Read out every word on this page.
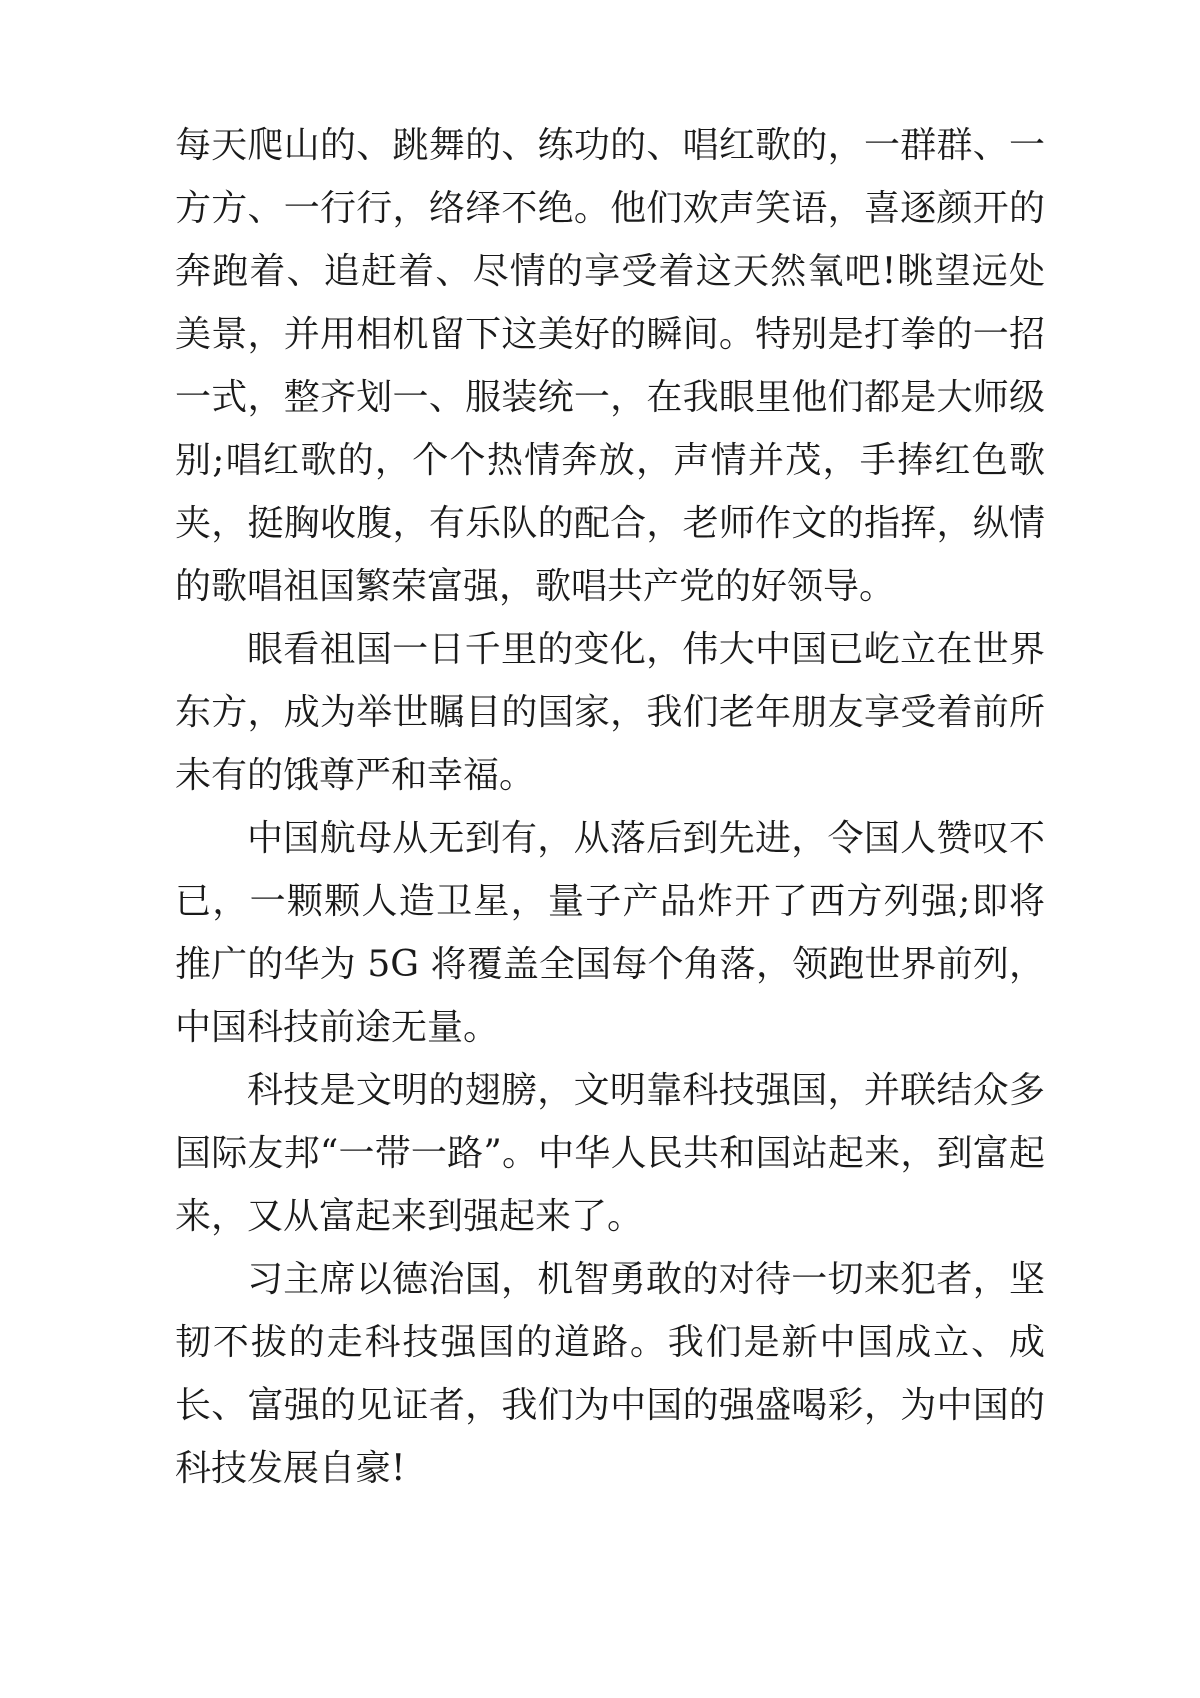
每天爬山的、跳舞的、练功的、唱红歌的，一群群、一方方、一行行，络绎不绝。他们欢声笑语，喜逐颜开的奔跑着、追赶着、尽情的享受着这天然氧吧!眺望远处美景，并用相机留下这美好的瞬间。特别是打拳的一招一式，整齐划一、服装统一，在我眼里他们都是大师级别;唱红歌的，个个热情奔放，声情并茂，手捧红色歌夹，挺胸收腹，有乐队的配合，老师作文的指挥，纵情的歌唱祖国繁荣富强，歌唱共产党的好领导。

眼看祖国一日千里的变化，伟大中国已屹立在世界东方，成为举世瞩目的国家，我们老年朋友享受着前所未有的饿尊严和幸福。

中国航母从无到有，从落后到先进，令国人赞叹不已，一颗颗人造卫星，量子产品炸开了西方列强;即将推广的华为 5G 将覆盖全国每个角落，领跑世界前列，中国科技前途无量。

科技是文明的翅膀，文明靠科技强国，并联结众多国际友邦“一带一路”。中华人民共和国站起来，到富起来，又从富起来到强起来了。

习主席以德治国，机智勇敢的对待一切来犯者，坚韧不拔的走科技强国的道路。我们是新中国成立、成长、富强的见证者，我们为中国的强盛喝彩，为中国的科技发展自豪!
